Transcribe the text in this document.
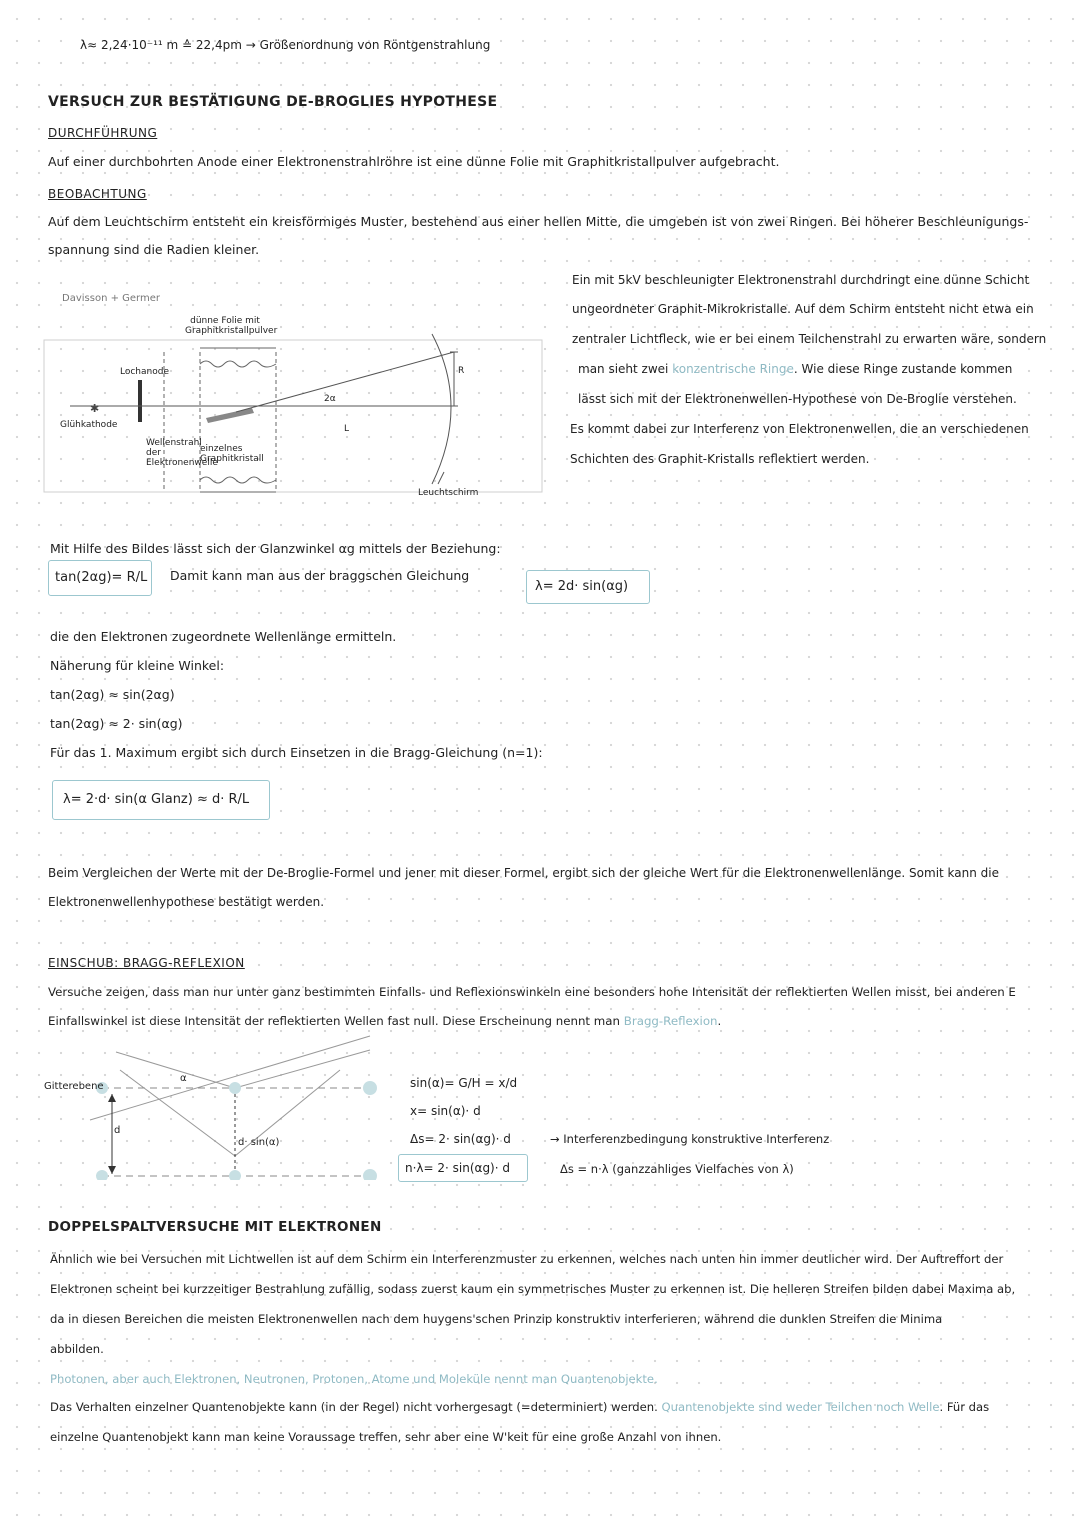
λ≈ 2,24·10⁻¹¹ m ≙ 22,4pm → Größenordnung von Röntgenstrahlung
VERSUCH ZUR BESTÄTIGUNG DE-BROGLIES HYPOTHESE
DURCHFÜHRUNG
Auf einer durchbohrten Anode einer Elektronenstrahlröhre ist eine dünne Folie mit Graphitkristallpulver aufgebracht.
BEOBACHTUNG
Auf dem Leuchtschirm entsteht ein kreisförmiges Muster, bestehend aus einer hellen Mitte, die umgeben ist von zwei Ringen. Bei höherer Beschleunigungs-
spannung sind die Radien kleiner.
Davisson + Germer
✱
dünne Folie mit Graphitkristallpulver
Lochanode
Glühkathode
Wellenstrahl der Elektronenwelle
einzelnes Graphitkristall
2α
L
R
Leuchtschirm
Ein mit 5kV beschleunigter Elektronenstrahl durchdringt eine dünne Schicht
ungeordneter Graphit-Mikrokristalle. Auf dem Schirm entsteht nicht etwa ein
zentraler Lichtfleck, wie er bei einem Teilchenstrahl zu erwarten wäre, sondern
man sieht zwei konzentrische Ringe. Wie diese Ringe zustande kommen
lässt sich mit der Elektronenwellen-Hypothese von De-Broglie verstehen.
Es kommt dabei zur Interferenz von Elektronenwellen, die an verschiedenen
Schichten des Graphit-Kristalls reflektiert werden.
Mit Hilfe des Bildes lässt sich der Glanzwinkel αg mittels der Beziehung:
tan(2αg)= R/L Damit kann man aus der braggschen Gleichung
λ= 2d· sin(αg)
die den Elektronen zugeordnete Wellenlänge ermitteln.
Näherung für kleine Winkel:
tan(2αg) ≈ sin(2αg)
tan(2αg) ≈ 2· sin(αg)
Für das 1. Maximum ergibt sich durch Einsetzen in die Bragg-Gleichung (n=1):
λ= 2·d· sin(α Glanz) ≈ d· R/L
Beim Vergleichen der Werte mit der De-Broglie-Formel und jener mit dieser Formel, ergibt sich der gleiche Wert für die Elektronenwellenlänge. Somit kann die
Elektronenwellenhypothese bestätigt werden.
EINSCHUB: BRAGG-REFLEXION
Versuche zeigen, dass man nur unter ganz bestimmten Einfalls- und Reflexionswinkeln eine besonders hohe Intensität der reflektierten Wellen misst, bei anderen E
Einfallswinkel ist diese Intensität der reflektierten Wellen fast null. Diese Erscheinung nennt man Bragg-Reflexion.
Gitterebene
α
d
d· sin(α)
sin(α)= G/H = x/d
x= sin(α)· d
Δs= 2· sin(αg)· d
n·λ= 2· sin(αg)· d
→ Interferenzbedingung konstruktive Interferenz
Δs = n·λ (ganzzahliges Vielfaches von λ)
DOPPELSPALTVERSUCHE MIT ELEKTRONEN
Ähnlich wie bei Versuchen mit Lichtwellen ist auf dem Schirm ein Interferenzmuster zu erkennen, welches nach unten hin immer deutlicher wird. Der Auftreffort der
Elektronen scheint bei kurzzeitiger Bestrahlung zufällig, sodass zuerst kaum ein symmetrisches Muster zu erkennen ist. Die helleren Streifen bilden dabei Maxima ab,
da in diesen Bereichen die meisten Elektronenwellen nach dem huygens'schen Prinzip konstruktiv interferieren, während die dunklen Streifen die Minima
abbilden.
Photonen, aber auch Elektronen, Neutronen, Protonen, Atome und Moleküle nennt man Quantenobjekte.
Das Verhalten einzelner Quantenobjekte kann (in der Regel) nicht vorhergesagt (=determiniert) werden. Quantenobjekte sind weder Teilchen noch Welle. Für das
einzelne Quantenobjekt kann man keine Voraussage treffen, sehr aber eine W'keit für eine große Anzahl von ihnen.
